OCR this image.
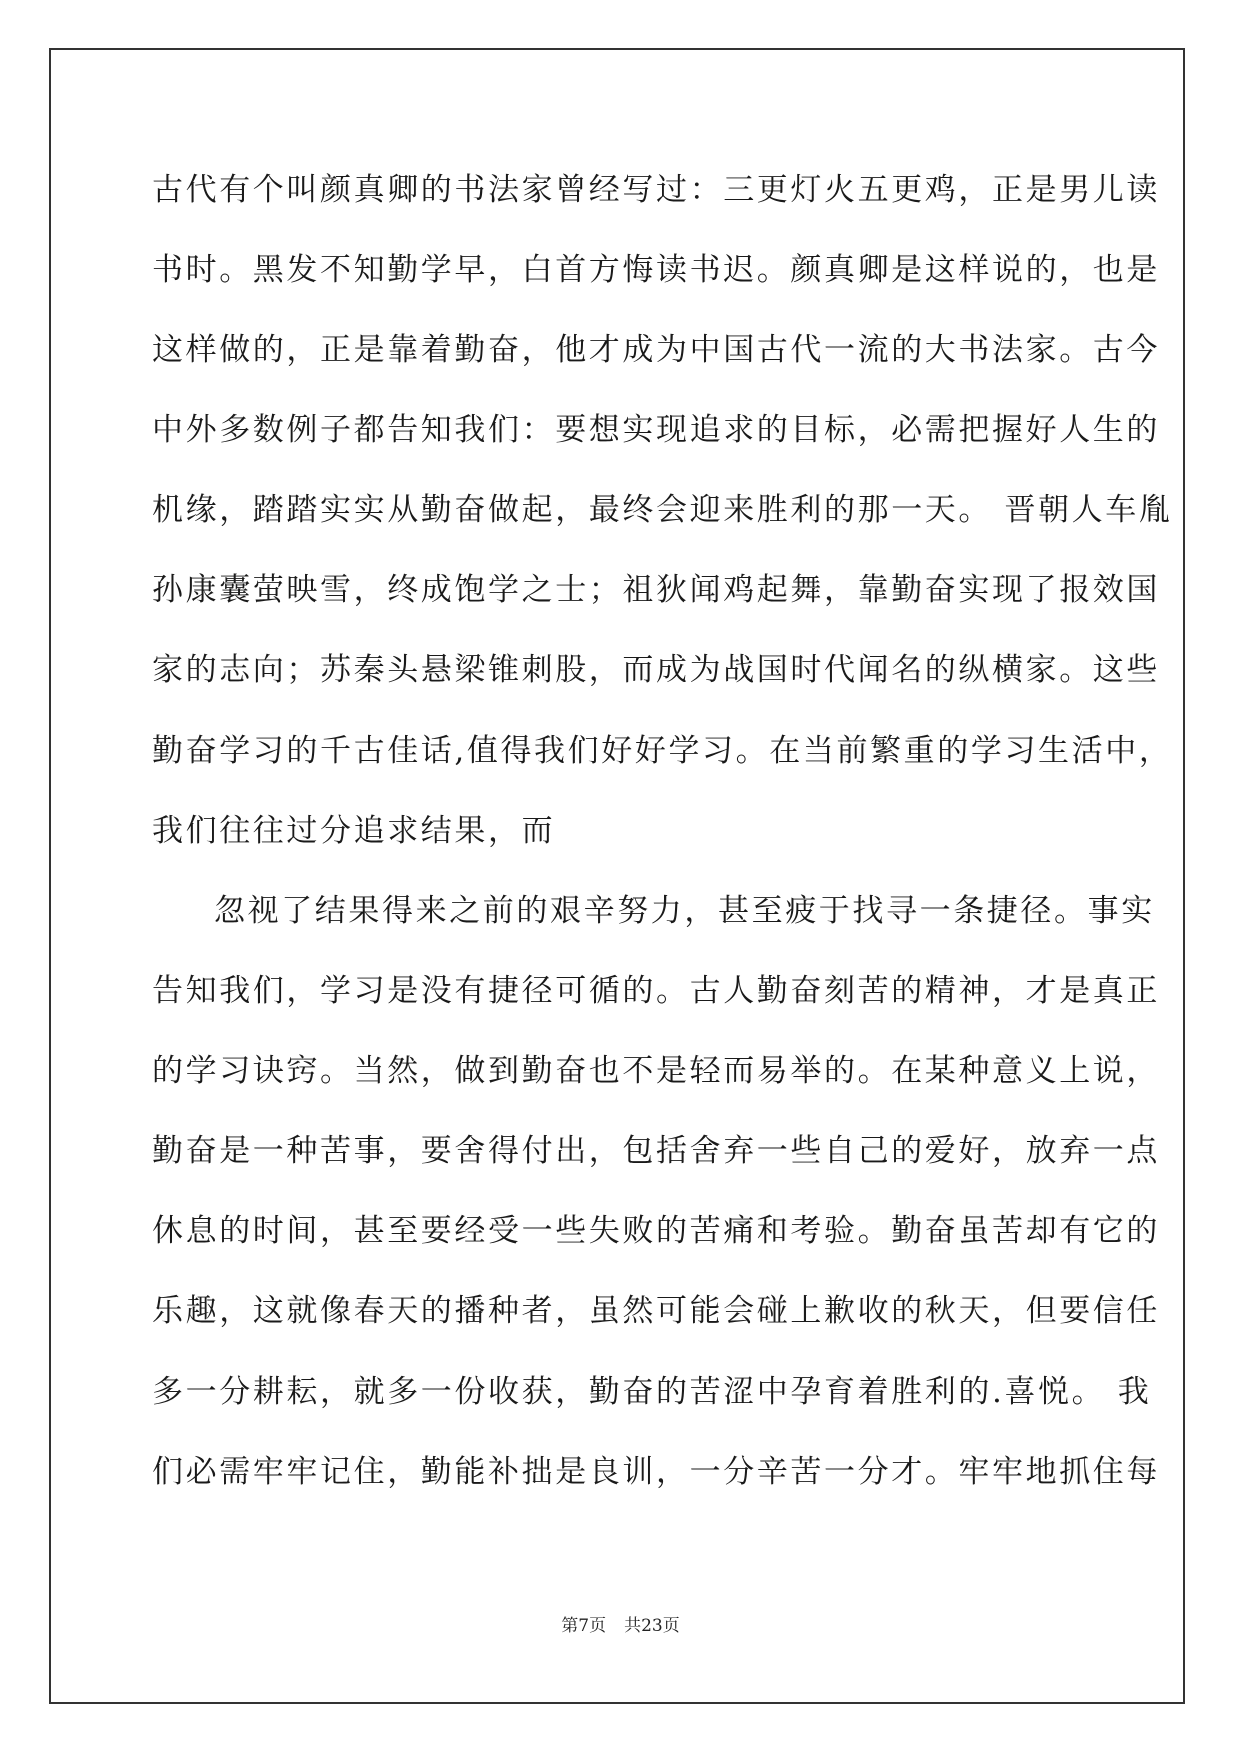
古代有个叫颜真卿的书法家曾经写过：三更灯火五更鸡，正是男儿读

书时。黑发不知勤学早，白首方悔读书迟。颜真卿是这样说的，也是

这样做的，正是靠着勤奋，他才成为中国古代一流的大书法家。古今

中外多数例子都告知我们：要想实现追求的目标，必需把握好人生的

机缘，踏踏实实从勤奋做起，最终会迎来胜利的那一天。 晋朝人车胤

孙康囊萤映雪，终成饱学之士；祖狄闻鸡起舞，靠勤奋实现了报效国

家的志向；苏秦头悬梁锥刺股，而成为战国时代闻名的纵横家。这些

勤奋学习的千古佳话,值得我们好好学习。在当前繁重的学习生活中，

我们往往过分追求结果，而

忽视了结果得来之前的艰辛努力，甚至疲于找寻一条捷径。事实

告知我们，学习是没有捷径可循的。古人勤奋刻苦的精神，才是真正

的学习诀窍。当然，做到勤奋也不是轻而易举的。在某种意义上说，

勤奋是一种苦事，要舍得付出，包括舍弃一些自己的爱好，放弃一点

休息的时间，甚至要经受一些失败的苦痛和考验。勤奋虽苦却有它的

乐趣，这就像春天的播种者，虽然可能会碰上歉收的秋天，但要信任

多一分耕耘，就多一份收获，勤奋的苦涩中孕育着胜利的.喜悦。 我

们必需牢牢记住，勤能补拙是良训，一分辛苦一分才。牢牢地抓住每

第7页 共23页
